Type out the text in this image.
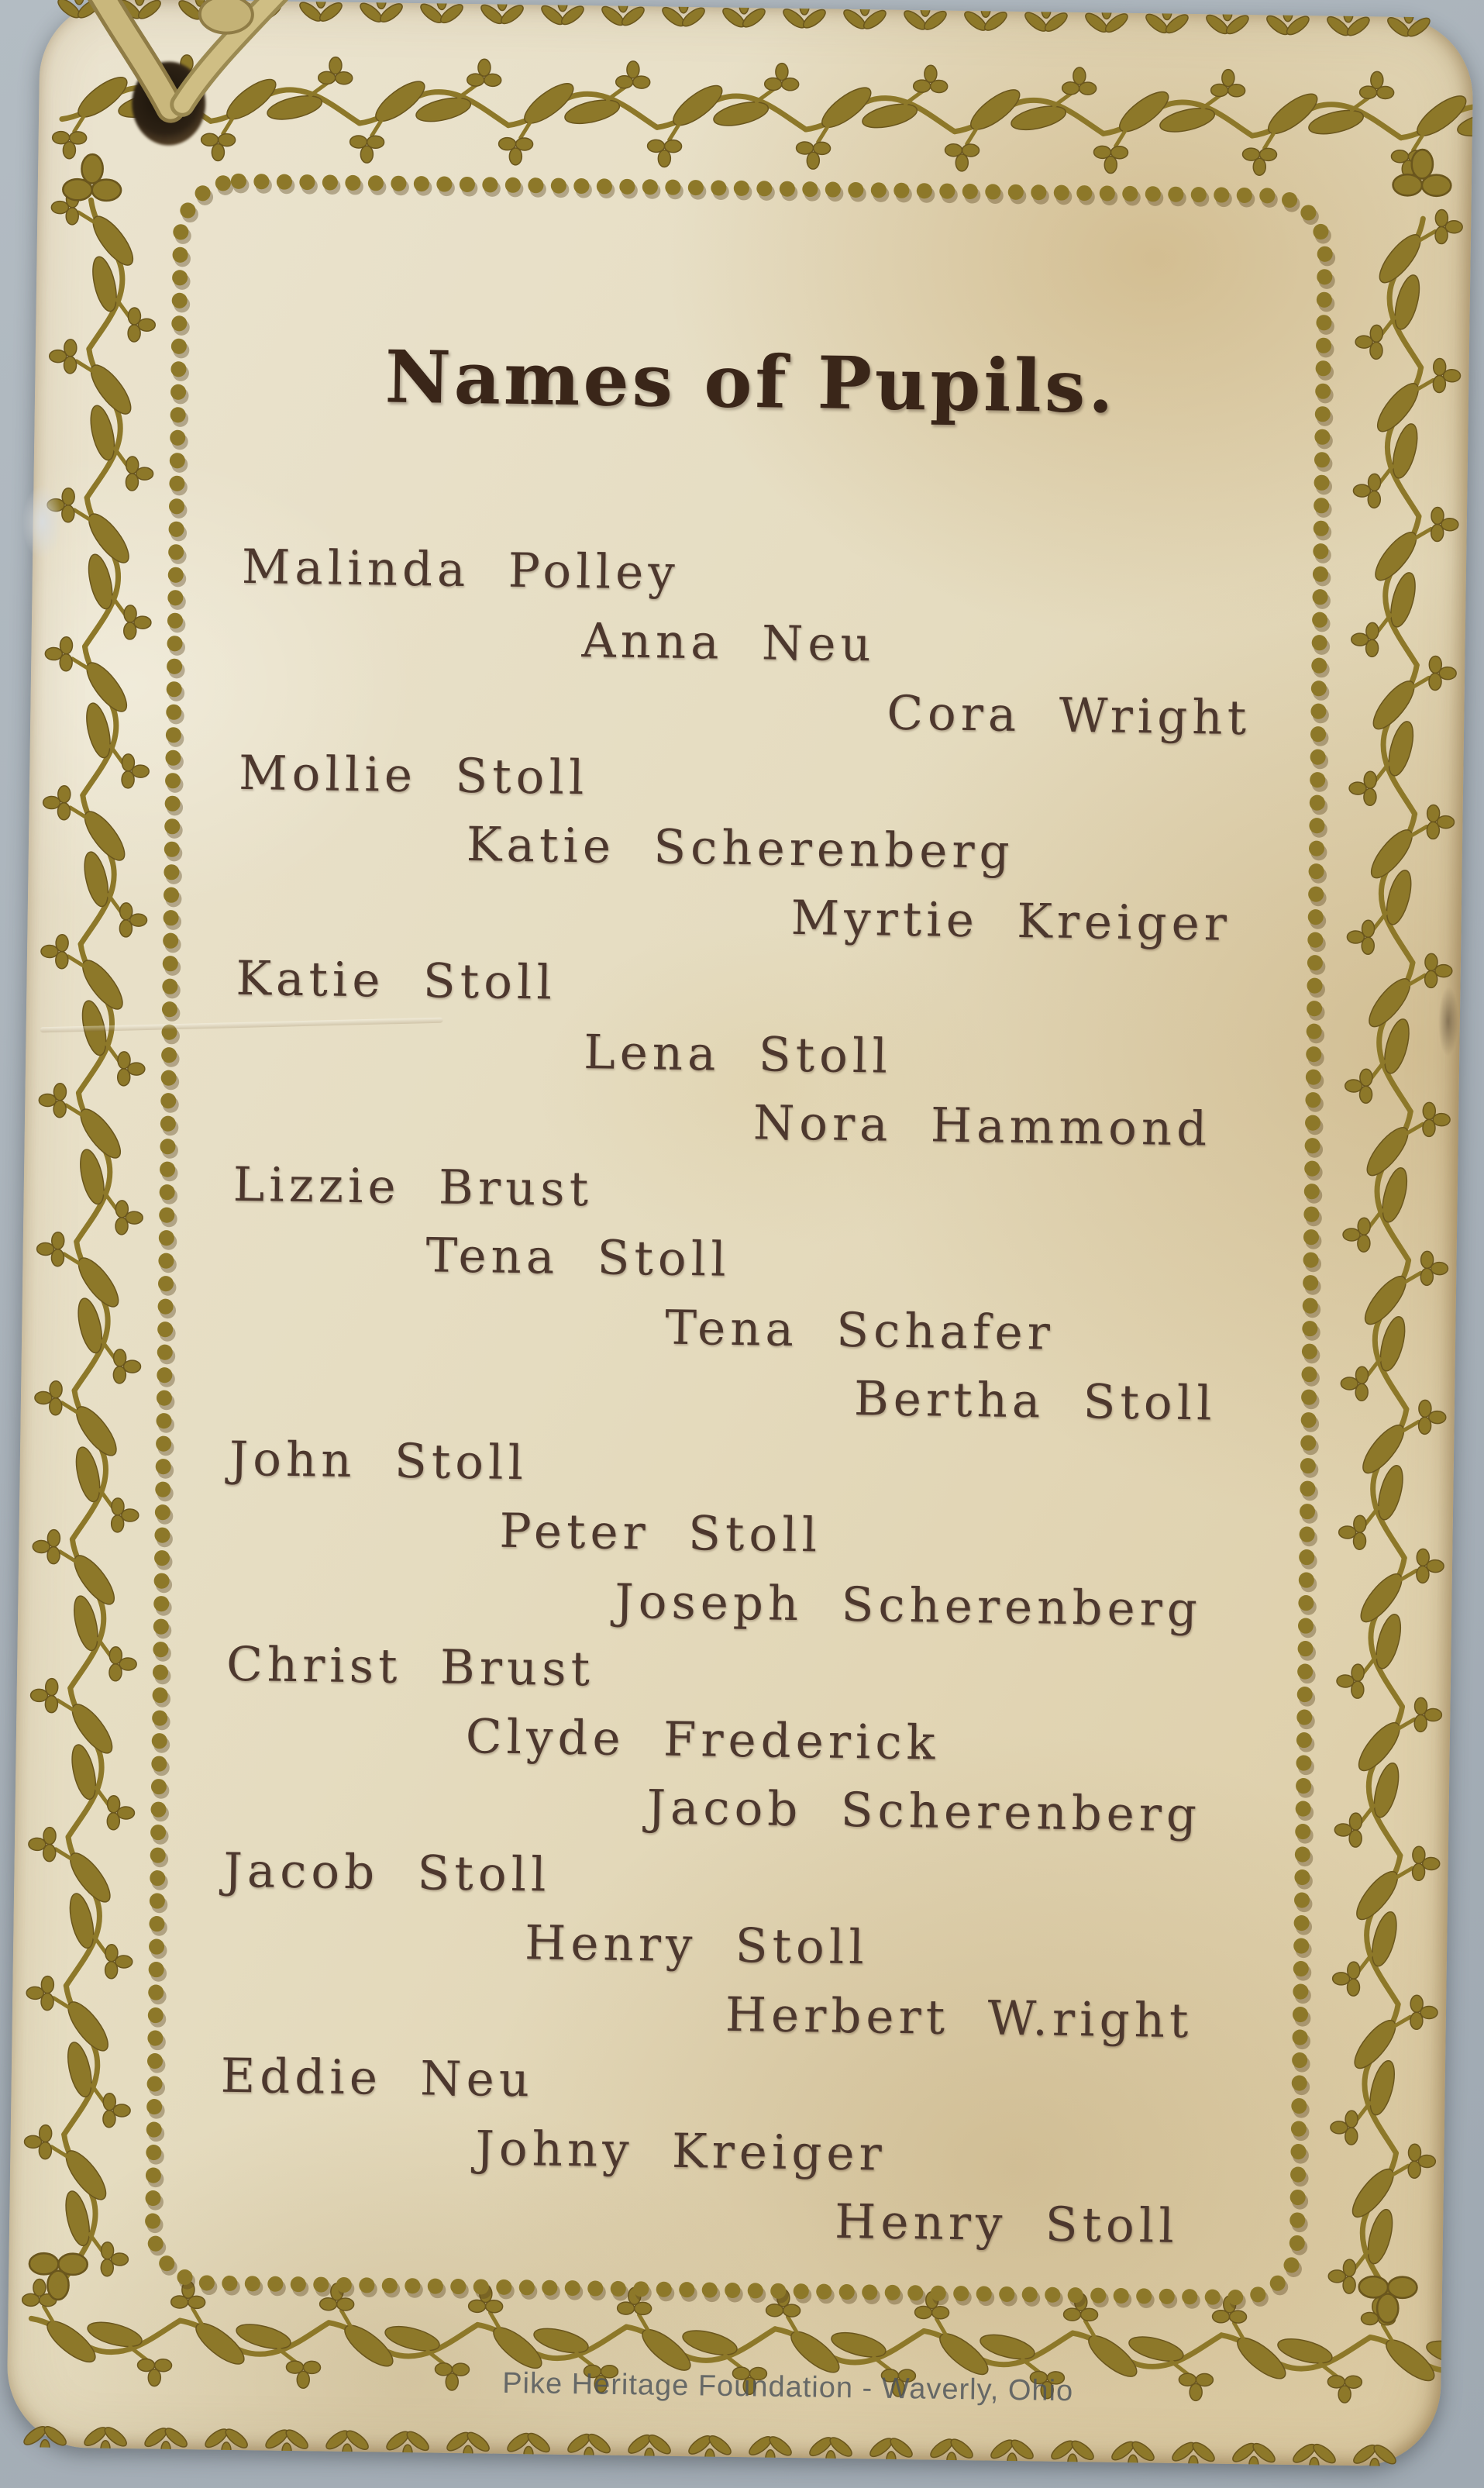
Names of Pupils.
Malinda Polley
Anna Neu
Cora Wright
Mollie Stoll
Katie Scherenberg
Myrtie Kreiger
Katie Stoll
Lena Stoll
Nora Hammond
Lizzie Brust
Tena Stoll
Tena Schafer
Bertha Stoll
John Stoll
Peter Stoll
Joseph Scherenberg
Christ Brust
Clyde Frederick
Jacob Scherenberg
Jacob Stoll
Henry Stoll
Herbert W.right
Eddie Neu
Johny Kreiger
Henry Stoll
Pike Heritage Foundation - Waverly, Ohio
